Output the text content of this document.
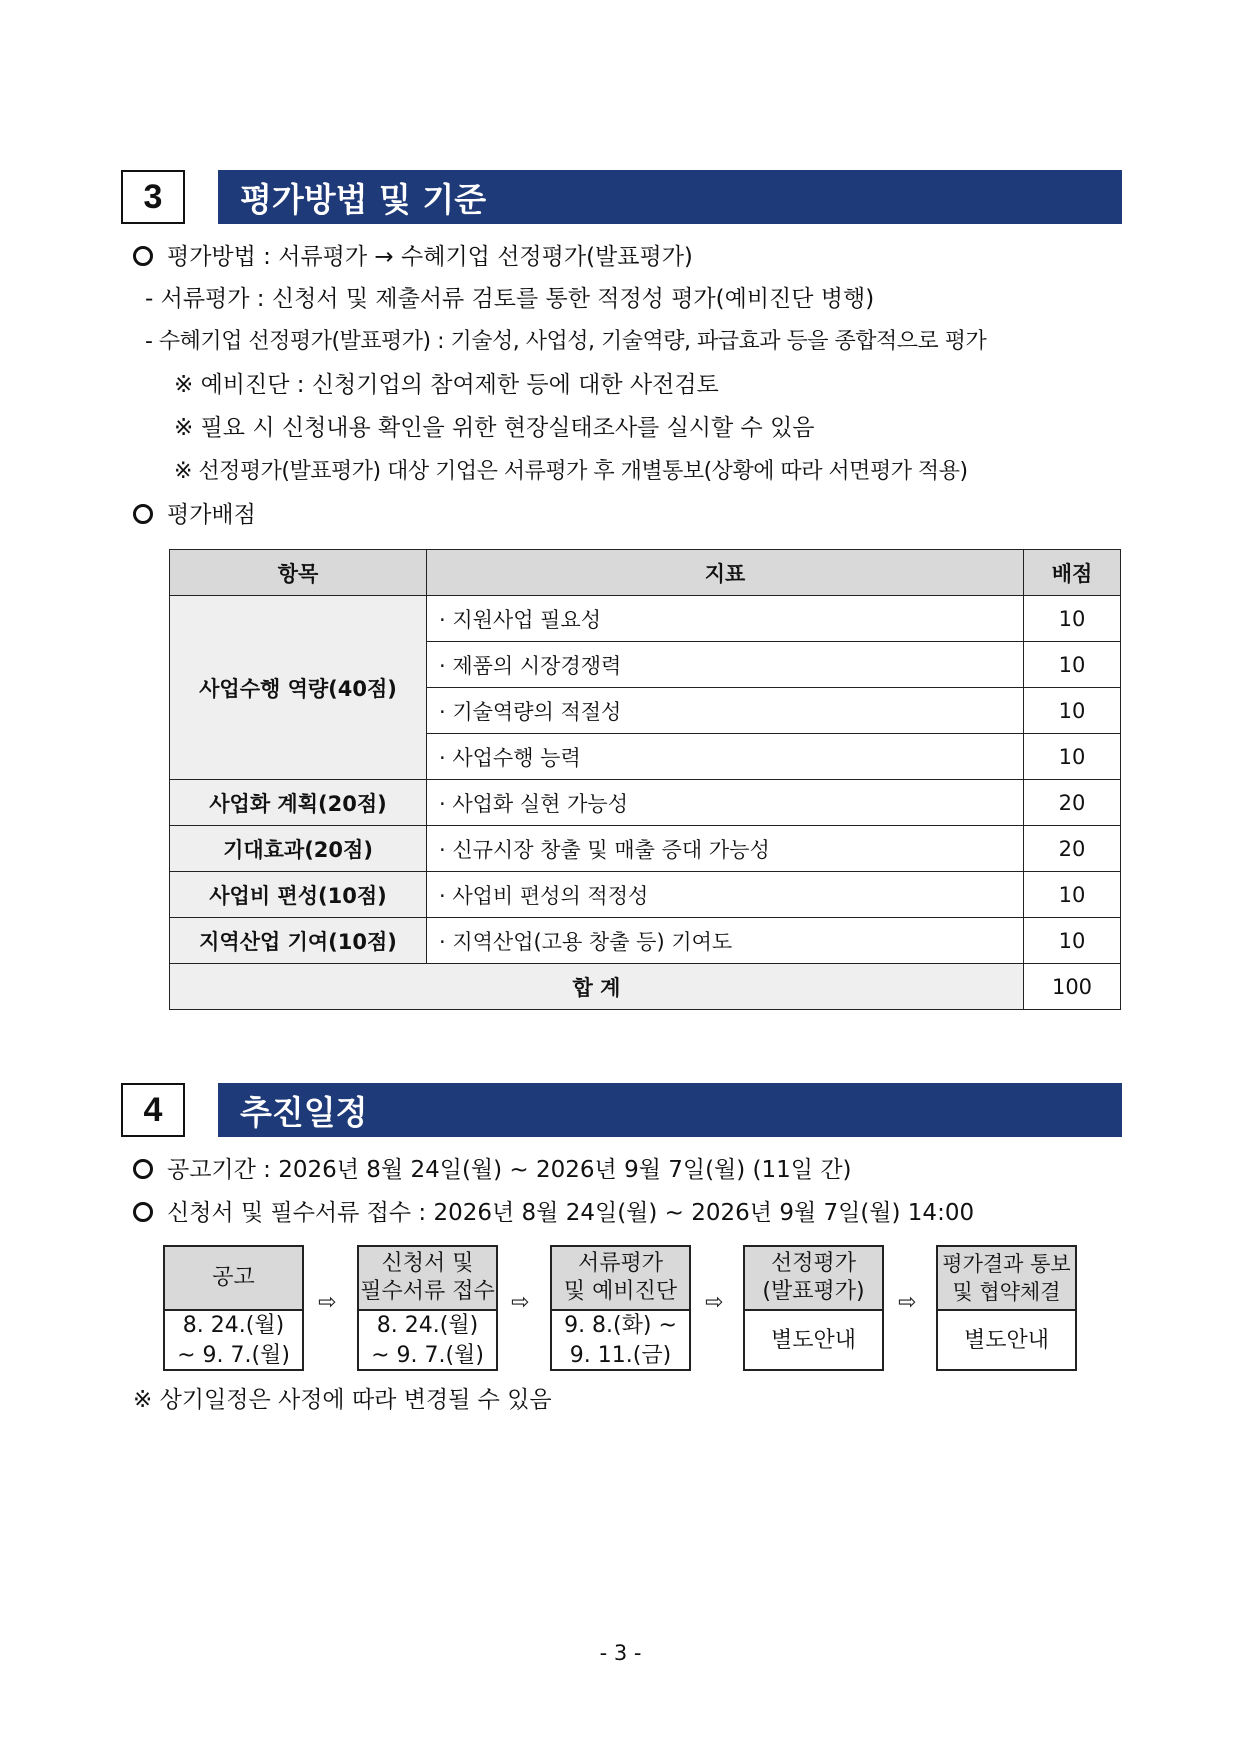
3	평가방법 및 기준
평가방법 : 서류평가 → 수혜기업 선정평가(발표평가)
- 서류평가 : 신청서 및 제출서류 검토를 통한 적정성 평가(예비진단 병행)
- 수혜기업 선정평가(발표평가) : 기술성, 사업성, 기술역량, 파급효과 등을 종합적으로 평가
※ 예비진단 : 신청기업의 참여제한 등에 대한 사전검토
※ 필요 시 신청내용 확인을 위한 현장실태조사를 실시할 수 있음
※ 선정평가(발표평가) 대상 기업은 서류평가 후 개별통보(상황에 따라 서면평가 적용)
평가배점
항목	지표	배점
사업수행 역량(40점)	· 지원사업 필요성	10
	· 제품의 시장경쟁력	10
	· 기술역량의 적절성	10
	· 사업수행 능력	10
사업화 계획(20점)	· 사업화 실현 가능성	20
기대효과(20점)	· 신규시장 창출 및 매출 증대 가능성	20
사업비 편성(10점)	· 사업비 편성의 적정성	10
지역산업 기여(10점)	· 지역산업(고용 창출 등) 기여도	10
합 계		100
4	추진일정
공고기간 : 2026년 8월 24일(월) ~ 2026년 9월 7일(월) (11일 간)
신청서 및 필수서류 접수 : 2026년 8월 24일(월) ~ 2026년 9월 7일(월) 14:00
공고
8. 24.(월)
~ 9. 7.(월)
⇨
신청서 및
필수서류 접수
8. 24.(월)
~ 9. 7.(월)
⇨
서류평가
및 예비진단
9. 8.(화) ~
9. 11.(금)
⇨
선정평가
(발표평가)
별도안내
⇨
평가결과 통보
및 협약체결
별도안내
※ 상기일정은 사정에 따라 변경될 수 있음
- 3 -
